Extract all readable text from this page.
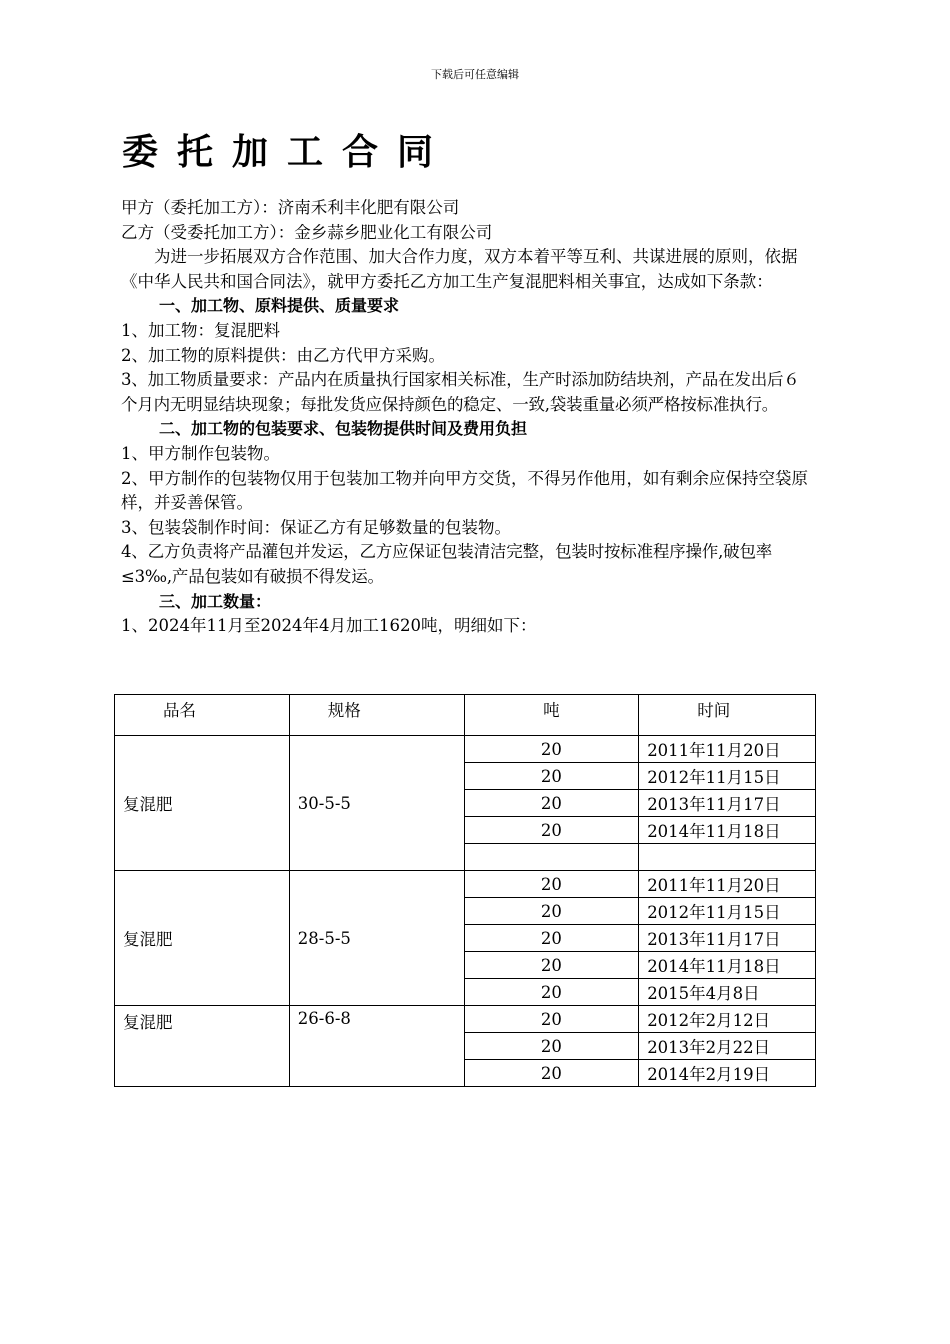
下载后可任意编辑
委托加工合同

甲方（委托加工方）：济南禾利丰化肥有限公司

乙方（受委托加工方）：金乡蒜乡肥业化工有限公司

为进一步拓展双方合作范围、加大合作力度，双方本着平等互利、共谋进展的原则，依据《中华人民共和国合同法》，就甲方委托乙方加工生产复混肥料相关事宜，达成如下条款：

一、加工物、原料提供、质量要求

1、加工物：复混肥料

2、加工物的原料提供：由乙方代甲方采购。

3、加工物质量要求：产品内在质量执行国家相关标准，生产时添加防结块剂，产品在发出后６个月内无明显结块现象；每批发货应保持颜色的稳定、一致,袋装重量必须严格按标准执行。

二、加工物的包装要求、包装物提供时间及费用负担

1、甲方制作包装物。

2、甲方制作的包装物仅用于包装加工物并向甲方交货，不得另作他用，如有剩余应保持空袋原样，并妥善保管。

3、包装袋制作时间：保证乙方有足够数量的包装物。

4、乙方负责将产品灌包并发运，乙方应保证包装清洁完整，包装时按标准程序操作,破包率≤3‰,产品包装如有破损不得发运。

三、加工数量：

1、2024年11月至2024年4月加工1620吨，明细如下：

品名	规格	吨	时间
复混肥	30-5-5	20	2011年11月20日
		20	2012年11月15日
		20	2013年11月17日
		20	2014年11月18日

复混肥	28-5-5	20	2011年11月20日
		20	2012年11月15日
		20	2013年11月17日
		20	2014年11月18日
		20	2015年4月8日
复混肥	26-6-8	20	2012年2月12日
		20	2013年2月22日
		20	2014年2月19日
